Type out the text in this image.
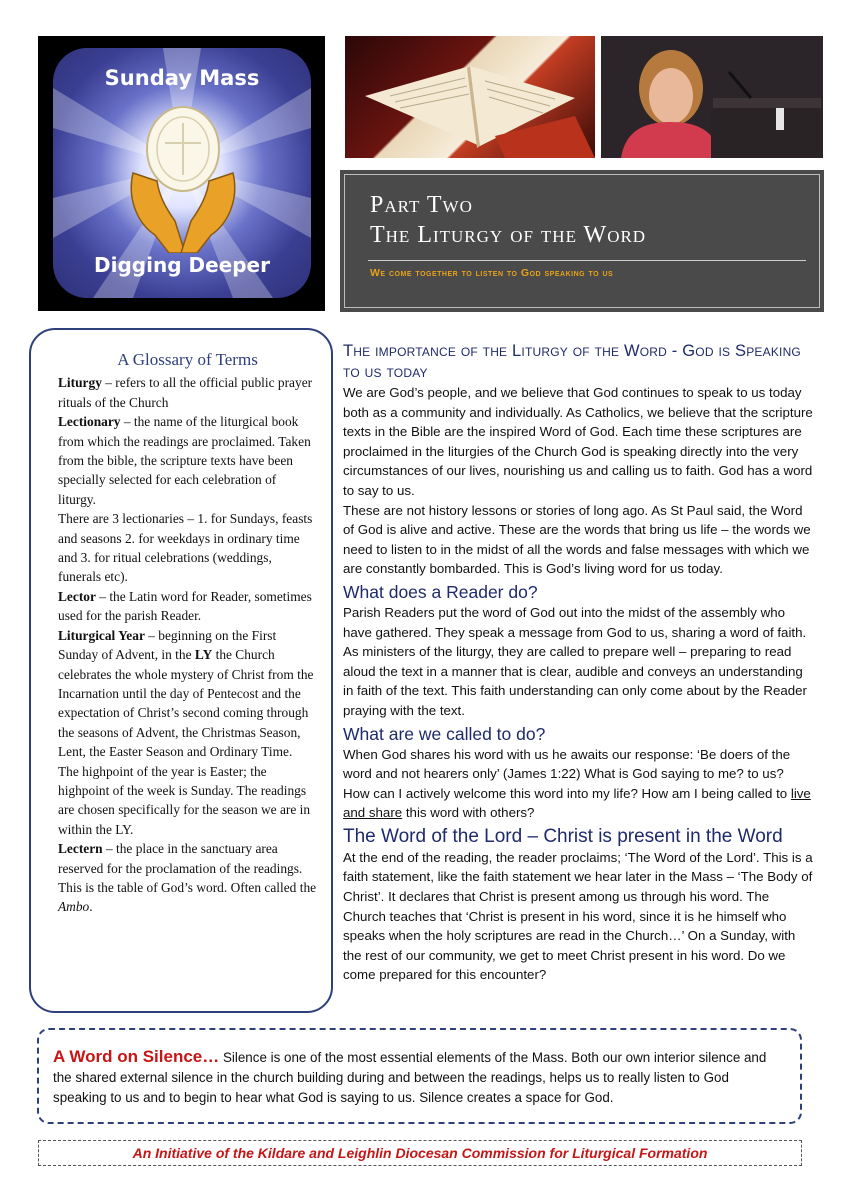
Sunday Mass
Digging Deeper
Part Two
The Liturgy of the Word
We come together to listen to God speaking to us
A Glossary of Terms

Liturgy – refers to all the official public prayer rituals of the Church

Lectionary – the name of the liturgical book from which the readings are proclaimed. Taken from the bible, the scripture texts have been specially selected for each celebration of liturgy.

There are 3 lectionaries – 1. for Sundays, feasts and seasons 2. for weekdays in ordinary time and 3. for ritual celebrations (weddings, funerals etc).

Lector – the Latin word for Reader, sometimes used for the parish Reader.

Liturgical Year – beginning on the First Sunday of Advent, in the LY the Church celebrates the whole mystery of Christ from the Incarnation until the day of Pentecost and the expectation of Christ’s second coming through the seasons of Advent, the Christmas Season, Lent, the Easter Season and Ordinary Time.

The highpoint of the year is Easter; the highpoint of the week is Sunday. The readings are chosen specifically for the season we are in within the LY.

Lectern – the place in the sanctuary area reserved for the proclamation of the readings. This is the table of God’s word. Often called the Ambo.

The importance of the Liturgy of the Word - God is Speaking to us today

We are God’s people, and we believe that God continues to speak to us today both as a community and individually. As Catholics, we believe that the scripture texts in the Bible are the inspired Word of God. Each time these scriptures are proclaimed in the liturgies of the Church God is speaking directly into the very circumstances of our lives, nourishing us and calling us to faith. God has a word to say to us.

These are not history lessons or stories of long ago. As St Paul said, the Word of God is alive and active. These are the words that bring us life – the words we need to listen to in the midst of all the words and false messages with which we are constantly bombarded. This is God’s living word for us today.

What does a Reader do?

Parish Readers put the word of God out into the midst of the assembly who have gathered. They speak a message from God to us, sharing a word of faith. As ministers of the liturgy, they are called to prepare well – preparing to read aloud the text in a manner that is clear, audible and conveys an understanding in faith of the text. This faith understanding can only come about by the Reader praying with the text.

What are we called to do?

When God shares his word with us he awaits our response: ‘Be doers of the word and not hearers only’ (James 1:22) What is God saying to me? to us? How can I actively welcome this word into my life? How am I being called to live and share this word with others?

The Word of the Lord – Christ is present in the Word

At the end of the reading, the reader proclaims; ‘The Word of the Lord’. This is a faith statement, like the faith statement we hear later in the Mass – ‘The Body of Christ’. It declares that Christ is present among us through his word. The Church teaches that ‘Christ is present in his word, since it is he himself who speaks when the holy scriptures are read in the Church…’ On a Sunday, with the rest of our community, we get to meet Christ present in his word. Do we come prepared for this encounter?

A Word on Silence… Silence is one of the most essential elements of the Mass. Both our own interior silence and the shared external silence in the church building during and between the readings, helps us to really listen to God speaking to us and to begin to hear what God is saying to us. Silence creates a space for God.
An Initiative of the Kildare and Leighlin Diocesan Commission for Liturgical Formation
